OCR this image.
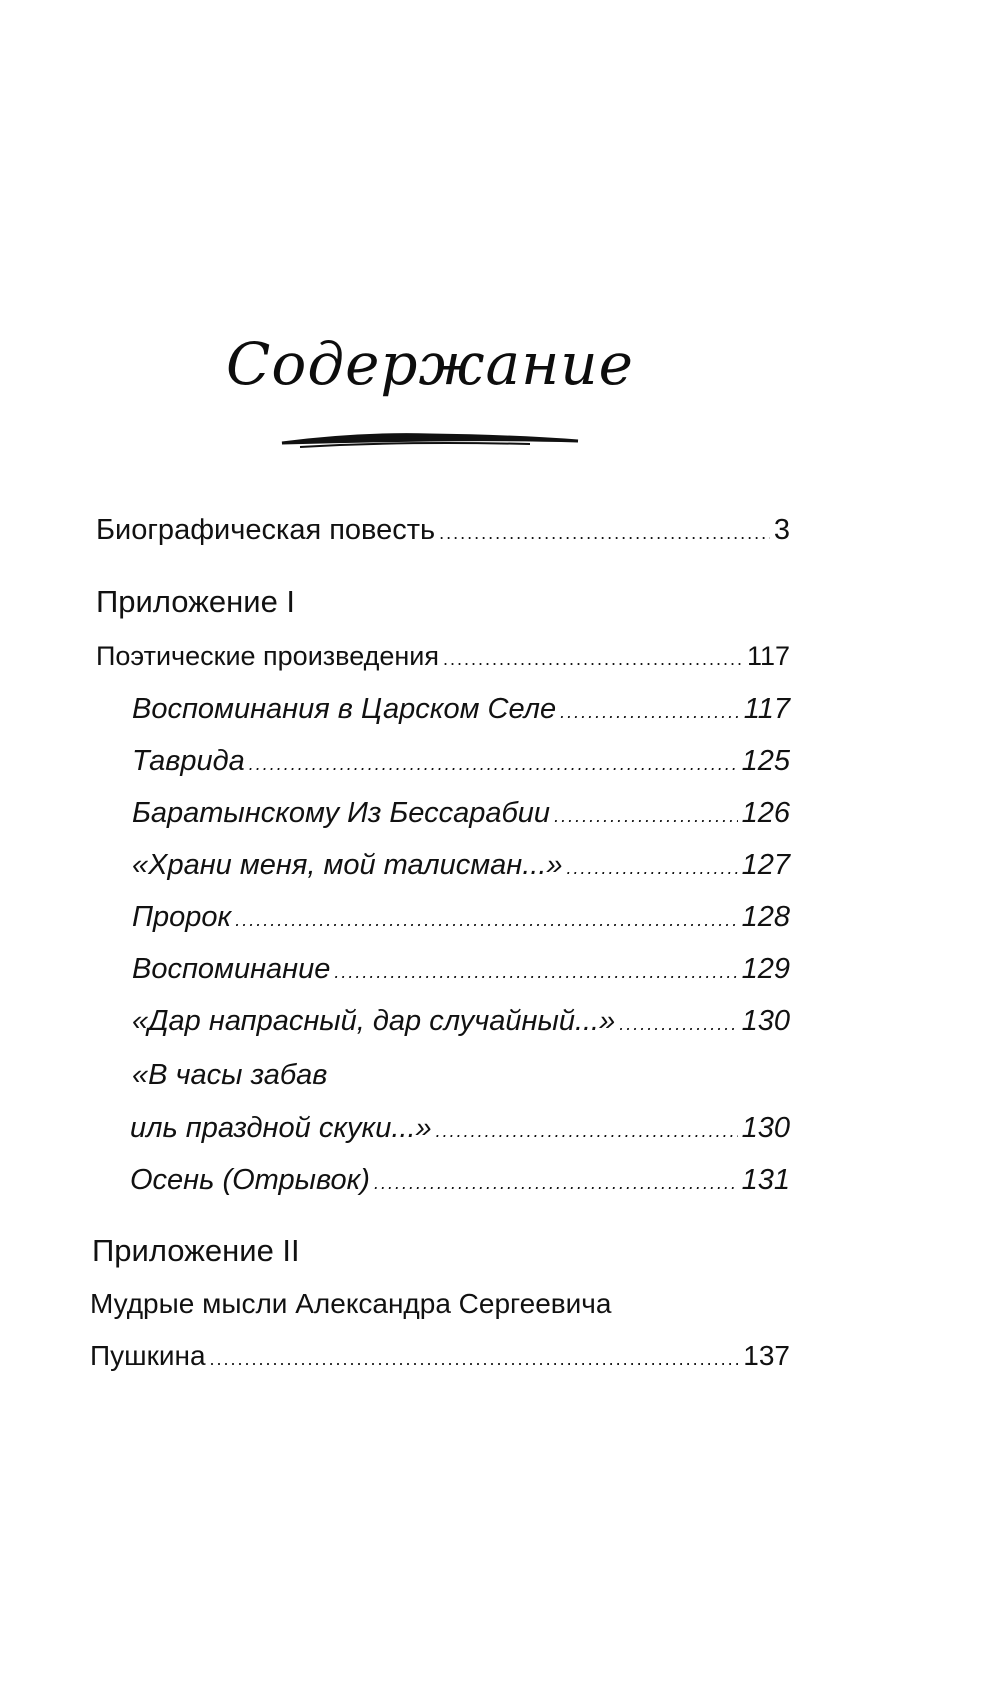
Содержание
Биографическая повесть .....	3
Приложение I
Поэтические произведения .....	117
Воспоминания в Царском Селе .....	117
Таврида .....	125
Баратынскому Из Бессарабии .....	126
«Храни меня, мой талисман...» .....	127
Пророк .....	128
Воспоминание .....	129
«Дар напрасный, дар случайный...» .....	130
«В часы забав
иль праздной скуки...» .....	130
Осень (Отрывок) .....	131
Приложение II
Мудрые мысли Александра Сергеевича
Пушкина .....	137
